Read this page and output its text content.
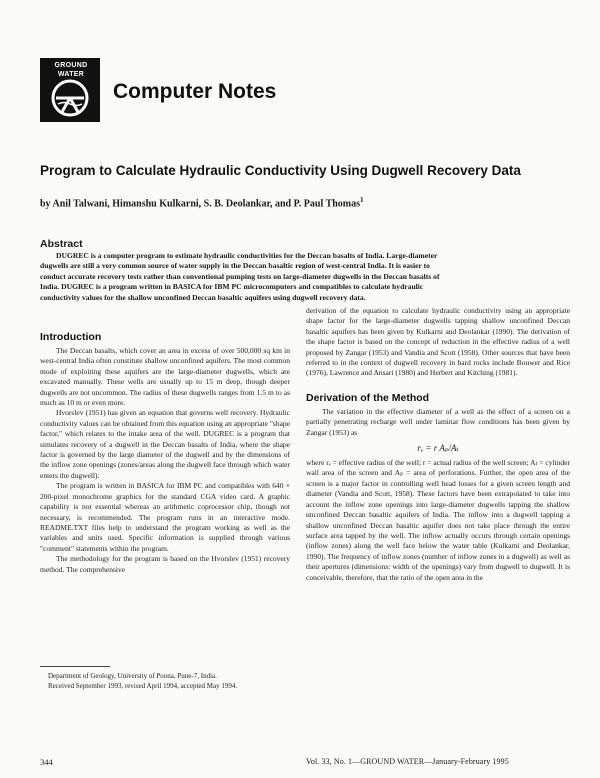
GROUND
WATER
Computer Notes
Program to Calculate Hydraulic Conductivity Using Dugwell Recovery Data
by Anil Talwani, Himanshu Kulkarni, S. B. Deolankar, and P. Paul Thomas$^1$
Abstract
DUGREC is a computer program to estimate hydraulic conductivities for the Deccan basalts of India. Large-diameter
dugwells are still a very common source of water supply in the Deccan basaltic region of west-central India. It is easier to
conduct accurate recovery tests rather than conventional pumping tests on large-diameter dugwells in the Deccan basalts of
India. DUGREC is a program written in BASICA for IBM PC microcomputers and compatibles to calculate hydraulic
conductivity values for the shallow unconfined Deccan basaltic aquifers using dugwell recovery data.
Introduction

The Deccan basalts, which cover an area in excess of over 500,000 sq km in west-central India often constitute shallow unconfined aquifers. The most common mode of exploiting these aquifers are the large-diameter dugwells, which are excavated manually. These wells are usually up to 15 m deep, though deeper dugwells are not uncommon. The radius of these dugwells ranges from 1.5 m to as much as 10 m or even more.

Hvorslev (1951) has given an equation that governs well recovery. Hydraulic conductivity values can be obtained from this equation using an appropriate "shape factor," which relates to the intake area of the well. DUGREC is a program that simulates recovery of a dugwell in the Deccan basalts of India, where the shape factor is governed by the large diameter of the dugwell and by the dimensions of the inflow zone openings (zones/areas along the dugwell face through which water enters the dugwell).

The program is written in BASICA for IBM PC and compatibles with 640 × 200-pixel monochrome graphics for the standard CGA video card. A graphic capability is not essential whereas an arithmetic coprocessor chip, though not necessary, is recommended. The program runs in an interactive mode. README.TXT files help to understand the program working as well as the variables and units used. Specific information is supplied through various "comment" statements within the program.

The methodology for the program is based on the Hvorslev (1951) recovery method. The comprehensive

Department of Geology, University of Poona, Pune-7, India.
Received September 1993, revised April 1994, accepted May 1994.

derivation of the equation to calculate hydraulic conductivity using an appropriate shape factor for the large-diameter dugwells tapping shallow unconfined Deccan basaltic aquifers has been given by Kulkarni and Deolankar (1990). The derivation of the shape factor is based on the concept of reduction in the effective radius of a well proposed by Zangar (1953) and Vandia and Scott (1958). Other sources that have been referred to in the context of dugwell recovery in hard rocks include Bouwer and Rice (1976), Lawrence and Ansari (1980) and Herbert and Kitching (1981).

Derivation of the Method

The variation in the effective diameter of a well as the effect of a screen on a partially penetrating recharge well under laminar flow conditions has been given by Zangar (1953) as

rₑ = r Aₚ/Aₜ

where rₑ = effective radius of the well; r = actual radius of the well screen; Aₜ = cylinder wall area of the screen and Aₚ = area of perforations. Further, the open area of the screen is a major factor in controlling well head losses for a given screen length and diameter (Vandia and Scott, 1958). These factors have been extrapolated to take into account the inflow zone openings into large-diameter dugwells tapping the shallow unconfined Deccan basaltic aquifers of India. The inflow into a dugwell tapping a shallow unconfined Deccan basaltic aquifer does not take place through the entire surface area tapped by the well. The inflow actually occurs through certain openings (inflow zones) along the well face below the water table (Kulkarni and Deolankar, 1990). The frequency of inflow zones (number of inflow zones in a dugwell) as well as their apertures (dimensions: width of the openings) vary from dugwell to dugwell. It is conceivable, therefore, that the ratio of the open area in the

344	Vol. 33, No. 1—GROUND WATER—January-February 1995
